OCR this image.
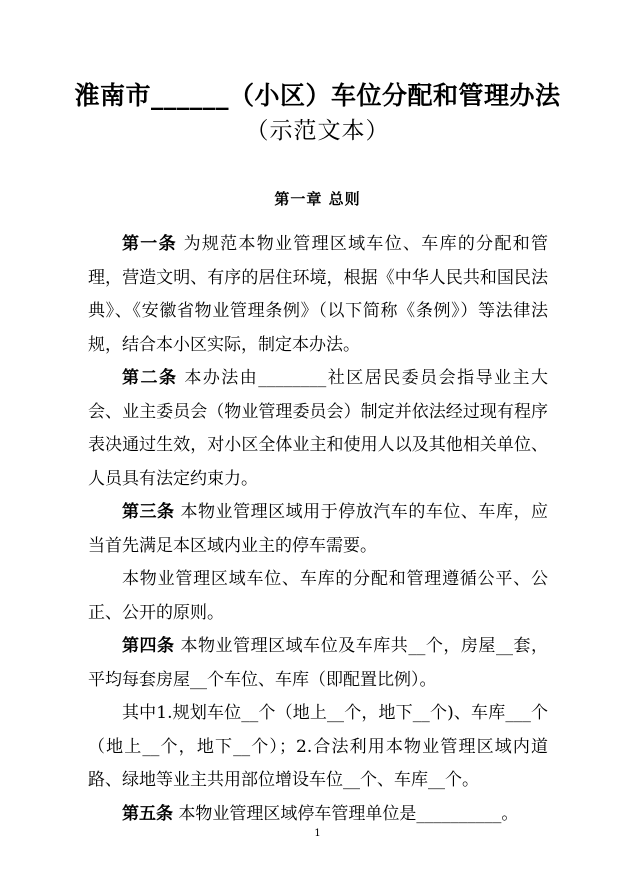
淮南市______（小区）车位分配和管理办法
（示范文本）
第一章 总则

第一条 为规范本物业管理区域车位、车库的分配和管理，营造文明、有序的居住环境，根据《中华人民共和国民法典》、《安徽省物业管理条例》（以下简称《条例》）等法律法规，结合本小区实际，制定本办法。

第二条 本办法由________社区居民委员会指导业主大会、业主委员会（物业管理委员会）制定并依法经过现有程序表决通过生效，对小区全体业主和使用人以及其他相关单位、人员具有法定约束力。

第三条 本物业管理区域用于停放汽车的车位、车库，应当首先满足本区域内业主的停车需要。

本物业管理区域车位、车库的分配和管理遵循公平、公正、公开的原则。

第四条 本物业管理区域车位及车库共__个，房屋__套，平均每套房屋__个车位、车库（即配置比例）。

其中1.规划车位__个（地上__个，地下__个)、车库___个（地上__个，地下__个）；2.合法利用本物业管理区域内道路、绿地等业主共用部位增设车位__个、车库__个。

第五条 本物业管理区域停车管理单位是__________。

1
